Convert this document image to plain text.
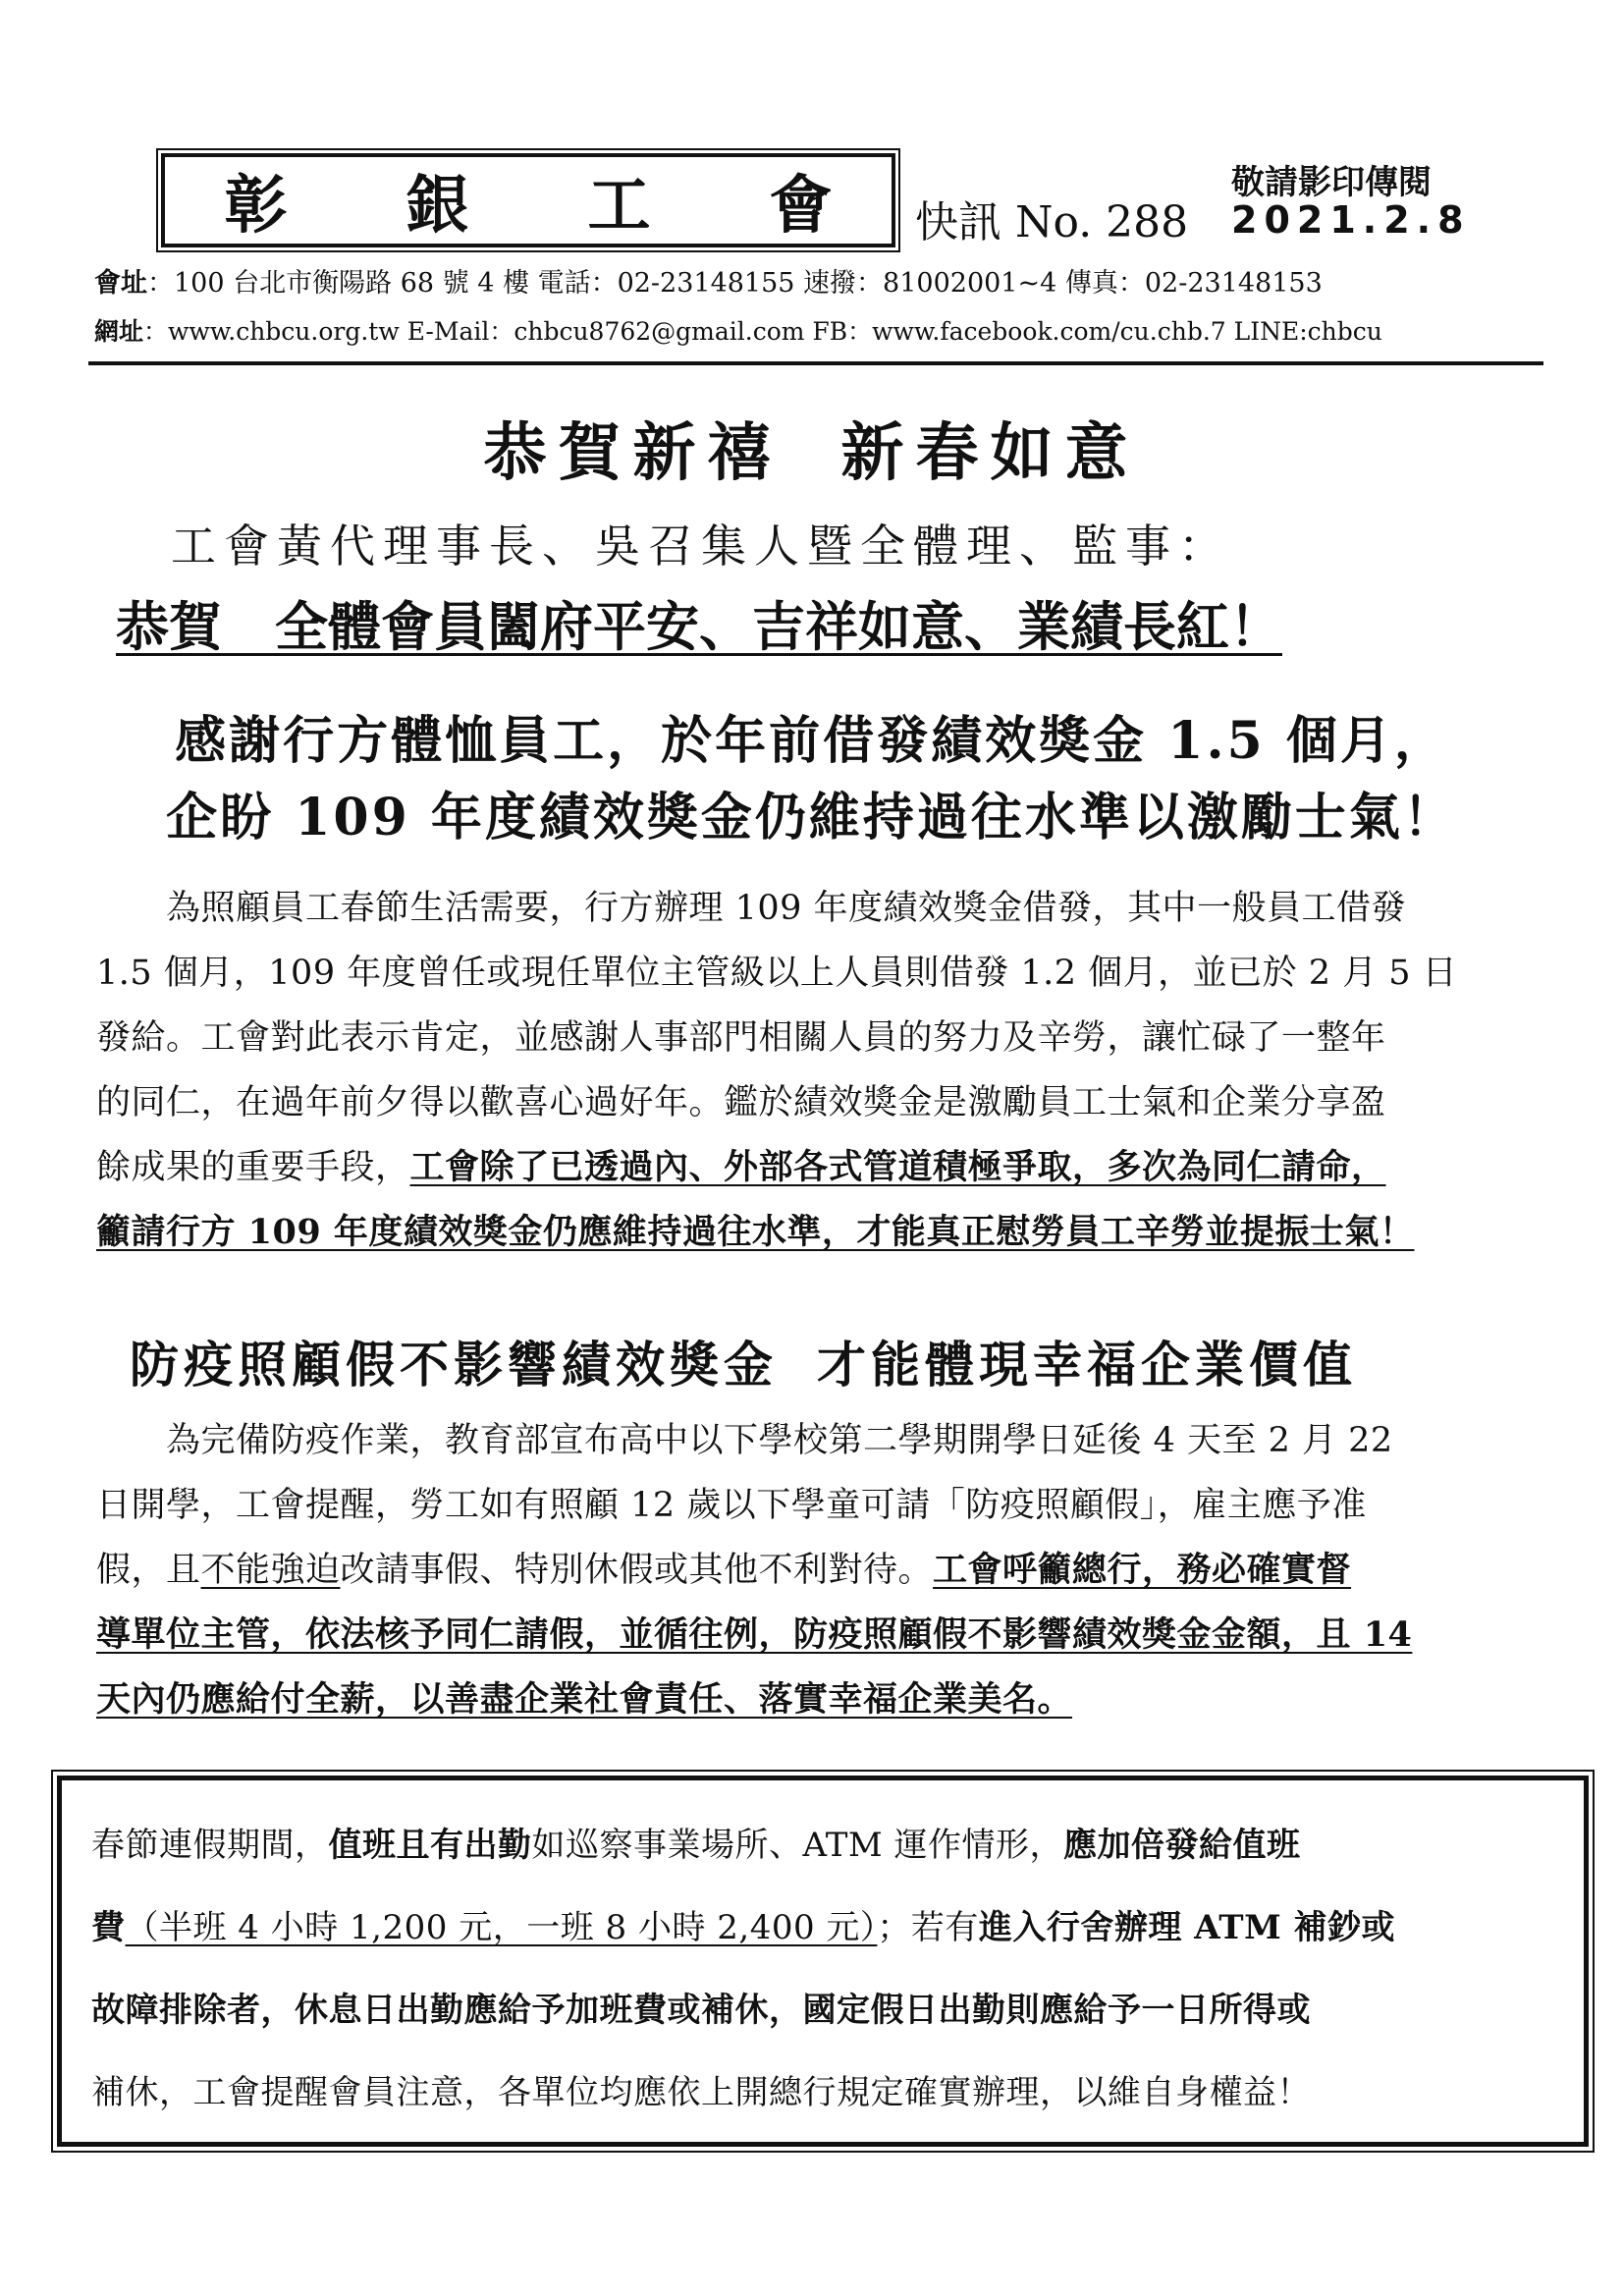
彰 銀 工 會 快訊 No. 288
敬請影印傳閱
2021.2.8
會址：100 台北市衡陽路 68 號 4 樓 電話：02-23148155 速撥：81002001~4 傳真：02-23148153
網址：www.chbcu.org.tw E-Mail：chbcu8762@gmail.com FB：www.facebook.com/cu.chb.7 LINE:chbcu
恭賀新禧 新春如意
工會黃代理事長、吳召集人暨全體理、監事：
恭賀　全體會員闔府平安、吉祥如意、業績長紅！
感謝行方體恤員工，於年前借發績效獎金 1.5 個月，
企盼 109 年度績效獎金仍維持過往水準以激勵士氣！
　　為照顧員工春節生活需要，行方辦理 109 年度績效獎金借發，其中一般員工借發
1.5 個月，109 年度曾任或現任單位主管級以上人員則借發 1.2 個月，並已於 2 月 5 日
發給。工會對此表示肯定，並感謝人事部門相關人員的努力及辛勞，讓忙碌了一整年
的同仁，在過年前夕得以歡喜心過好年。鑑於績效獎金是激勵員工士氣和企業分享盈
餘成果的重要手段，工會除了已透過內、外部各式管道積極爭取，多次為同仁請命，
籲請行方 109 年度績效獎金仍應維持過往水準，才能真正慰勞員工辛勞並提振士氣！
防疫照顧假不影響績效獎金 才能體現幸福企業價值
　　為完備防疫作業，教育部宣布高中以下學校第二學期開學日延後 4 天至 2 月 22
日開學，工會提醒，勞工如有照顧 12 歲以下學童可請「防疫照顧假」，雇主應予准
假，且不能強迫改請事假、特別休假或其他不利對待。工會呼籲總行，務必確實督
導單位主管，依法核予同仁請假，並循往例，防疫照顧假不影響績效獎金金額，且 14
天內仍應給付全薪，以善盡企業社會責任、落實幸福企業美名。
春節連假期間，值班且有出勤如巡察事業場所、ATM 運作情形，應加倍發給值班
費（半班 4 小時 1,200 元，一班 8 小時 2,400 元）；若有進入行舍辦理 ATM 補鈔或
故障排除者，休息日出勤應給予加班費或補休，國定假日出勤則應給予一日所得或
補休，工會提醒會員注意，各單位均應依上開總行規定確實辦理，以維自身權益！
